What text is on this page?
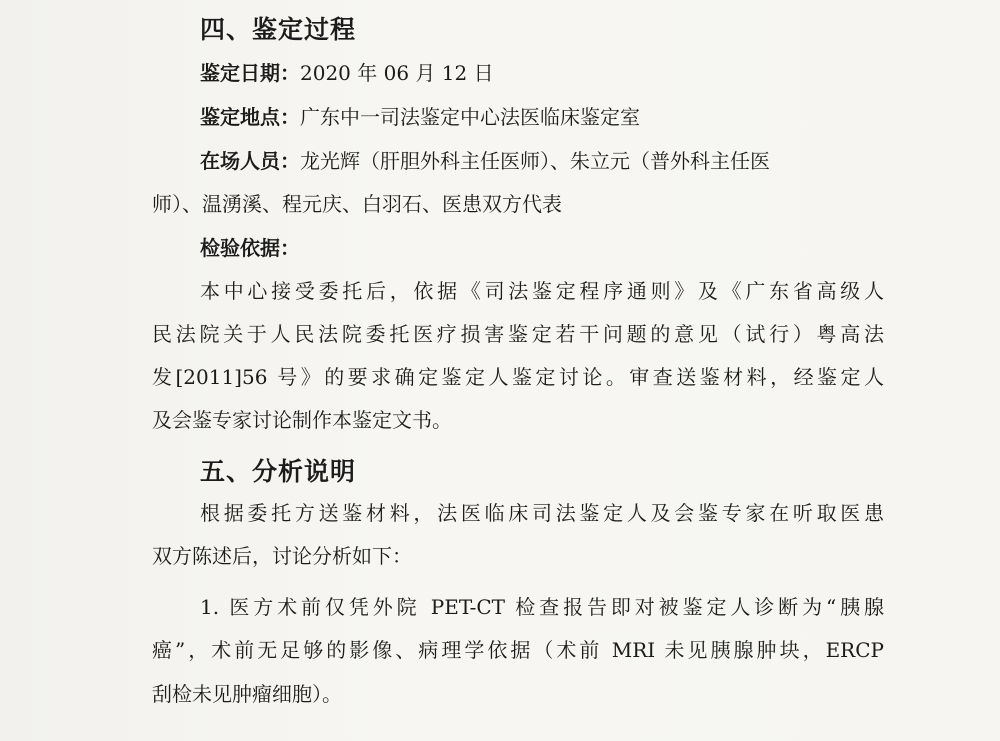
四、鉴定过程
鉴定日期：2020 年 06 月 12 日
鉴定地点：广东中一司法鉴定中心法医临床鉴定室
在场人员：龙光辉（肝胆外科主任医师）、朱立元（普外科主任医
师）、温湧溪、程元庆、白羽石、医患双方代表
检验依据：
本中心接受委托后，依据《司法鉴定程序通则》及《广东省高级人
民法院关于人民法院委托医疗损害鉴定若干问题的意见（试行）粤高法
发[2011]56 号》的要求确定鉴定人鉴定讨论。审查送鉴材料，经鉴定人
及会鉴专家讨论制作本鉴定文书。
五、分析说明
根据委托方送鉴材料，法医临床司法鉴定人及会鉴专家在听取医患
双方陈述后，讨论分析如下：
1. 医方术前仅凭外院 PET-CT 检查报告即对被鉴定人诊断为“胰腺
癌”，术前无足够的影像、病理学依据（术前 MRI 未见胰腺肿块，ERCP
刮检未见肿瘤细胞）。
